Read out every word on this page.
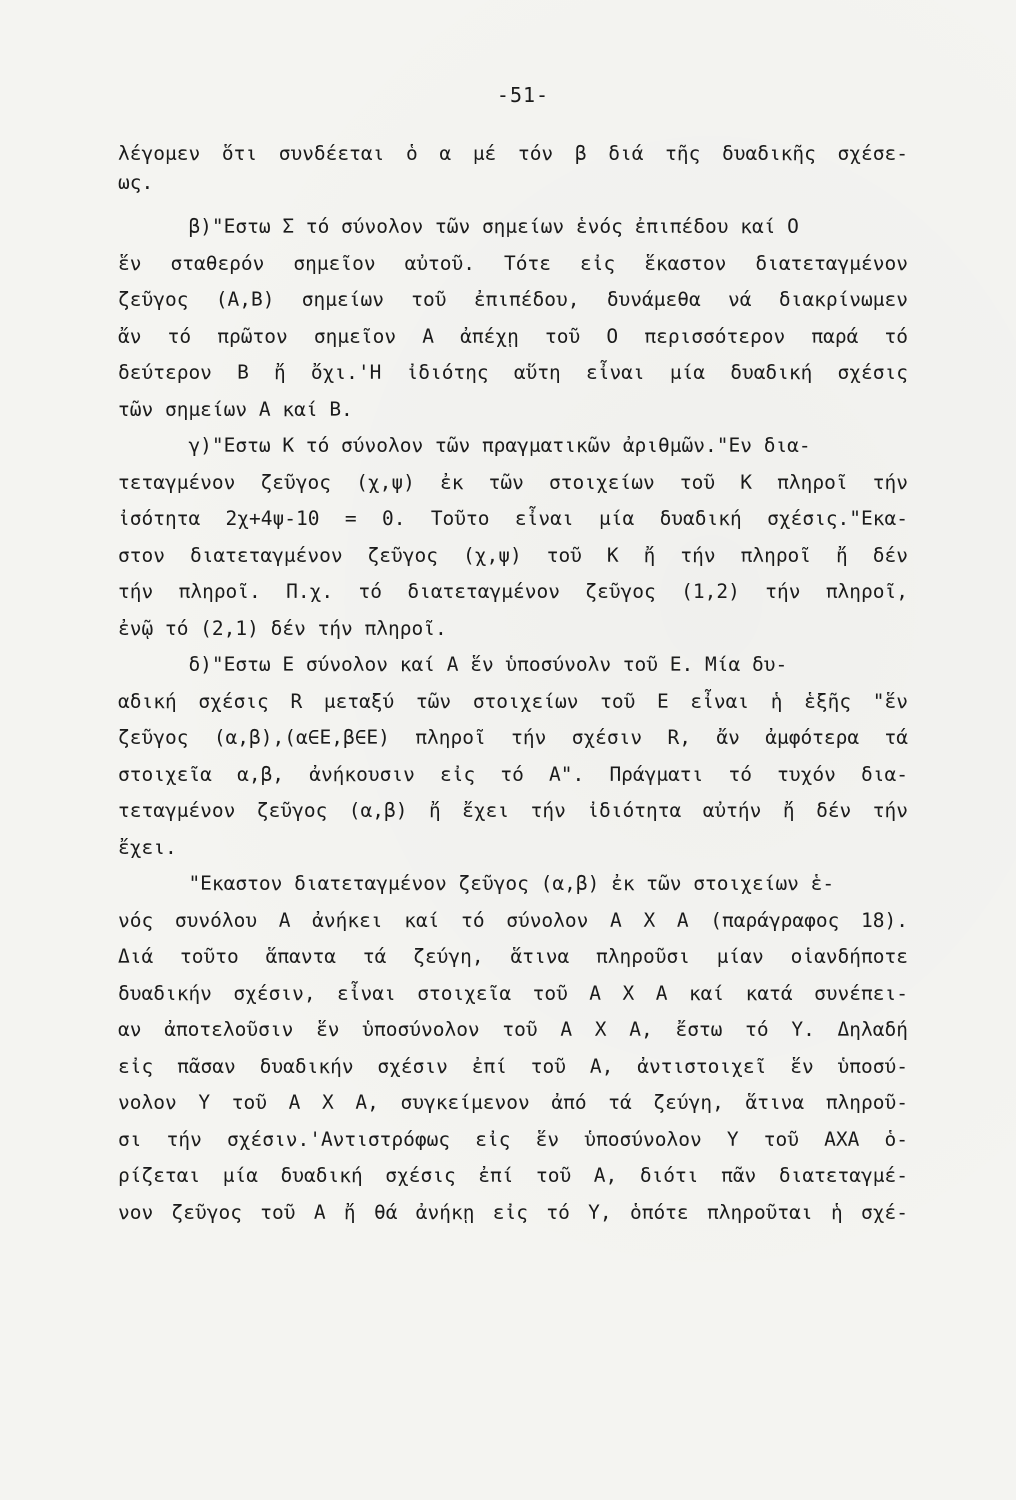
-51-
λέγομεν ὅτι συνδέεται ὁ α μέ τόν β διά τῆς δυαδικῆς σχέσε-
ως.
β)"Εστω Σ τό σύνολον τῶν σημείων ἑνός ἐπιπέδου καί Ο
ἕν σταθερόν σημεῖον αὐτοῦ. Τότε εἰς ἕκαστον διατεταγμένον
ζεῦγος (Α,Β) σημείων τοῦ ἐπιπέδου, δυνάμεθα νά διακρίνωμεν
ἄν τό πρῶτον σημεῖον Α ἀπέχῃ τοῦ Ο περισσότερον παρά τό
δεύτερον Β ἤ ὄχι.'Η ἰδιότης αὕτη εἶναι μία δυαδική σχέσις
τῶν σημείων Α καί Β.
γ)"Εστω Κ τό σύνολον τῶν πραγματικῶν ἀριθμῶν."Εν δια-
τεταγμένον ζεῦγος (χ,ψ) ἐκ τῶν στοιχείων τοῦ Κ πληροῖ τήν
ἰσότητα 2χ+4ψ-10 = 0. Τοῦτο εἶναι μία δυαδική σχέσις."Εκα-
στον διατεταγμένον ζεῦγος (χ,ψ) τοῦ Κ ἤ τήν πληροῖ ἤ δέν
τήν πληροῖ. Π.χ. τό διατεταγμένον ζεῦγος (1,2) τήν πληροῖ,
ἐνῷ τό (2,1) δέν τήν πληροῖ.
δ)"Εστω Ε σύνολον καί Α ἕν ὑποσύνολν τοῦ Ε. Μία δυ-
αδική σχέσις R μεταξύ τῶν στοιχείων τοῦ Ε εἶναι ἡ ἑξῆς "ἕν
ζεῦγος (α,β),(α∈Ε,β∈Ε) πληροῖ τήν σχέσιν R, ἄν ἀμφότερα τά
στοιχεῖα α,β, ἀνήκουσιν εἰς τό Α". Πράγματι τό τυχόν δια-
τεταγμένον ζεῦγος (α,β) ἤ ἔχει τήν ἰδιότητα αὐτήν ἤ δέν τήν
ἔχει.
"Εκαστον διατεταγμένον ζεῦγος (α,β) ἐκ τῶν στοιχείων ἑ-
νός συνόλου Α ἀνήκει καί τό σύνολον Α Χ Α (παράγραφος 18).
Διά τοῦτο ἅπαντα τά ζεύγη, ἅτινα πληροῦσι μίαν οἱανδήποτε
δυαδικήν σχέσιν, εἶναι στοιχεῖα τοῦ Α Χ Α καί κατά συνέπει-
αν ἀποτελοῦσιν ἕν ὑποσύνολον τοῦ Α Χ Α, ἔστω τό Υ. Δηλαδή
εἰς πᾶσαν δυαδικήν σχέσιν ἐπί τοῦ Α, ἀντιστοιχεῖ ἕν ὑποσύ-
νολον Υ τοῦ Α Χ Α, συγκείμενον ἀπό τά ζεύγη, ἅτινα πληροῦ-
σι τήν σχέσιν.'Αντιστρόφως εἰς ἕν ὑποσύνολον Υ τοῦ ΑΧΑ ὁ-
ρίζεται μία δυαδική σχέσις ἐπί τοῦ Α, διότι πᾶν διατεταγμέ-
νον ζεῦγος τοῦ Α ἤ θά ἀνήκῃ εἰς τό Υ, ὁπότε πληροῦται ἡ σχέ-
